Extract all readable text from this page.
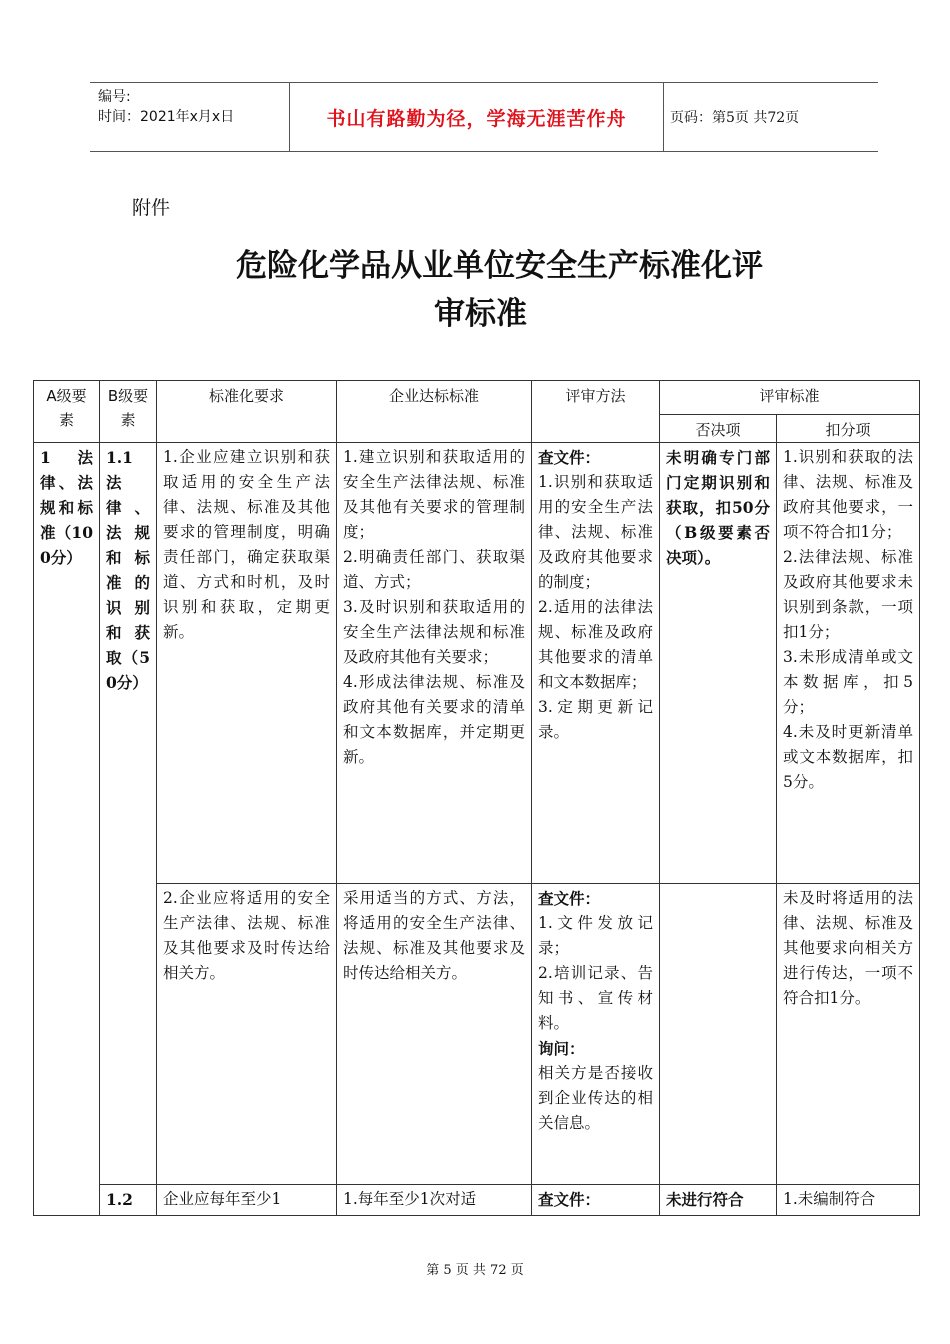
编号:
时间：2021年x月x日	书山有路勤为径，学海无涯苦作舟	页码：第5页 共72页
附件
危险化学品从业单位安全生产标准化评
审标准
A级要素	B级要素	标准化要求	企业达标标准	评审方法	评审标准	
					否决项	扣分项
1 法律、法规和标准（100分）	1.1 法律、法规和标准的识别和获取（50分）	1.企业应建立识别和获取适用的安全生产法律、法规、标准及其他要求的管理制度，明确责任部门，确定获取渠道、方式和时机，及时识别和获取，定期更新。	1.建立识别和获取适用的安全生产法律法规、标准及其他有关要求的管理制度；
2.明确责任部门、获取渠道、方式；
3.及时识别和获取适用的安全生产法律法规和标准及政府其他有关要求；
4.形成法律法规、标准及政府其他有关要求的清单和文本数据库，并定期更新。	查文件：
1.识别和获取适用的安全生产法律、法规、标准及政府其他要求的制度；
2.适用的法律法规、标准及政府其他要求的清单和文本数据库；
3.定期更新记录。	未明确专门部门定期识别和获取，扣50分（B级要素否决项）。	1.识别和获取的法律、法规、标准及政府其他要求，一项不符合扣1分；
2.法律法规、标准及政府其他要求未识别到条款，一项扣1分；
3.未形成清单或文本数据库，扣5分；
4.未及时更新清单或文本数据库，扣5分。

		2.企业应将适用的安全生产法律、法规、标准及其他要求及时传达给相关方。	采用适当的方式、方法，将适用的安全生产法律、法规、标准及其他要求及时传达给相关方。	查文件：
1.文件发放记录；
2.培训记录、告知书、宣传材料。
询问：
相关方是否接收到企业传达的相关信息。		未及时将适用的法律、法规、标准及其他要求向相关方进行传达，一项不符合扣1分。
	1.2	企业应每年至少1	1.每年至少1次对适	查文件：	未进行符合	1.未编制符合
第 5 页 共 72 页
